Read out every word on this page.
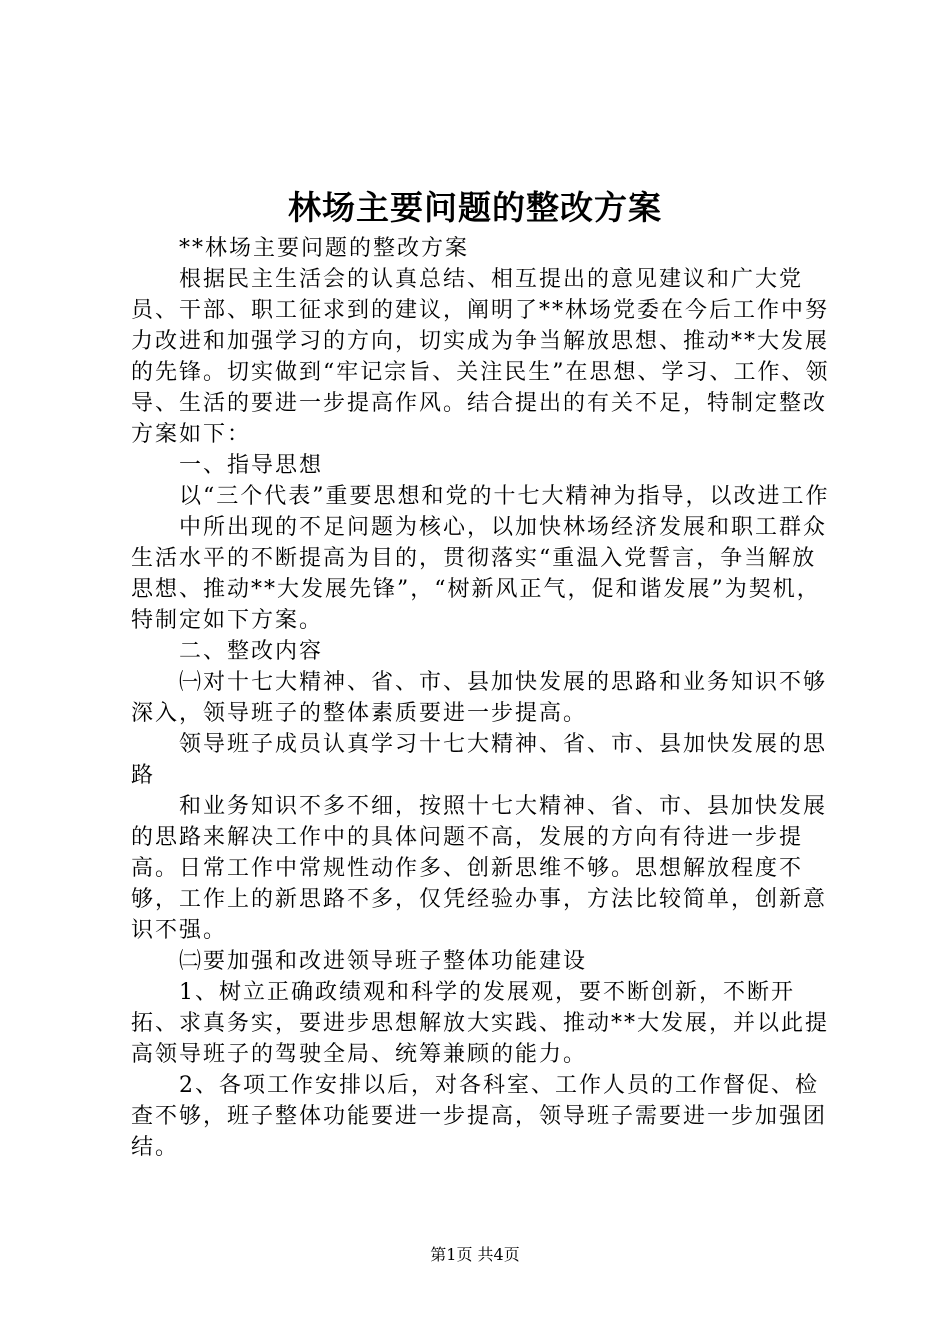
林场主要问题的整改方案

**林场主要问题的整改方案

根据民主生活会的认真总结、相互提出的意见建议和广大党员、干部、职工征求到的建议，阐明了**林场党委在今后工作中努力改进和加强学习的方向，切实成为争当解放思想、推动**大发展的先锋。切实做到“牢记宗旨、关注民生”在思想、学习、工作、领导、生活的要进一步提高作风。结合提出的有关不足，特制定整改方案如下：

一、指导思想

以“三个代表”重要思想和党的十七大精神为指导，以改进工作

中所出现的不足问题为核心，以加快林场经济发展和职工群众生活水平的不断提高为目的，贯彻落实“重温入党誓言，争当解放思想、推动**大发展先锋”，“树新风正气，促和谐发展”为契机，特制定如下方案。

二、整改内容

㈠对十七大精神、省、市、县加快发展的思路和业务知识不够深入，领导班子的整体素质要进一步提高。

领导班子成员认真学习十七大精神、省、市、县加快发展的思路

和业务知识不多不细，按照十七大精神、省、市、县加快发展的思路来解决工作中的具体问题不高，发展的方向有待进一步提高。日常工作中常规性动作多、创新思维不够。思想解放程度不够，工作上的新思路不多，仅凭经验办事，方法比较简单，创新意识不强。

㈡要加强和改进领导班子整体功能建设

1、树立正确政绩观和科学的发展观，要不断创新，不断开拓、求真务实，要进步思想解放大实践、推动**大发展，并以此提高领导班子的驾驶全局、统筹兼顾的能力。

2、各项工作安排以后，对各科室、工作人员的工作督促、检查不够，班子整体功能要进一步提高，领导班子需要进一步加强团结。

第1页 共4页
